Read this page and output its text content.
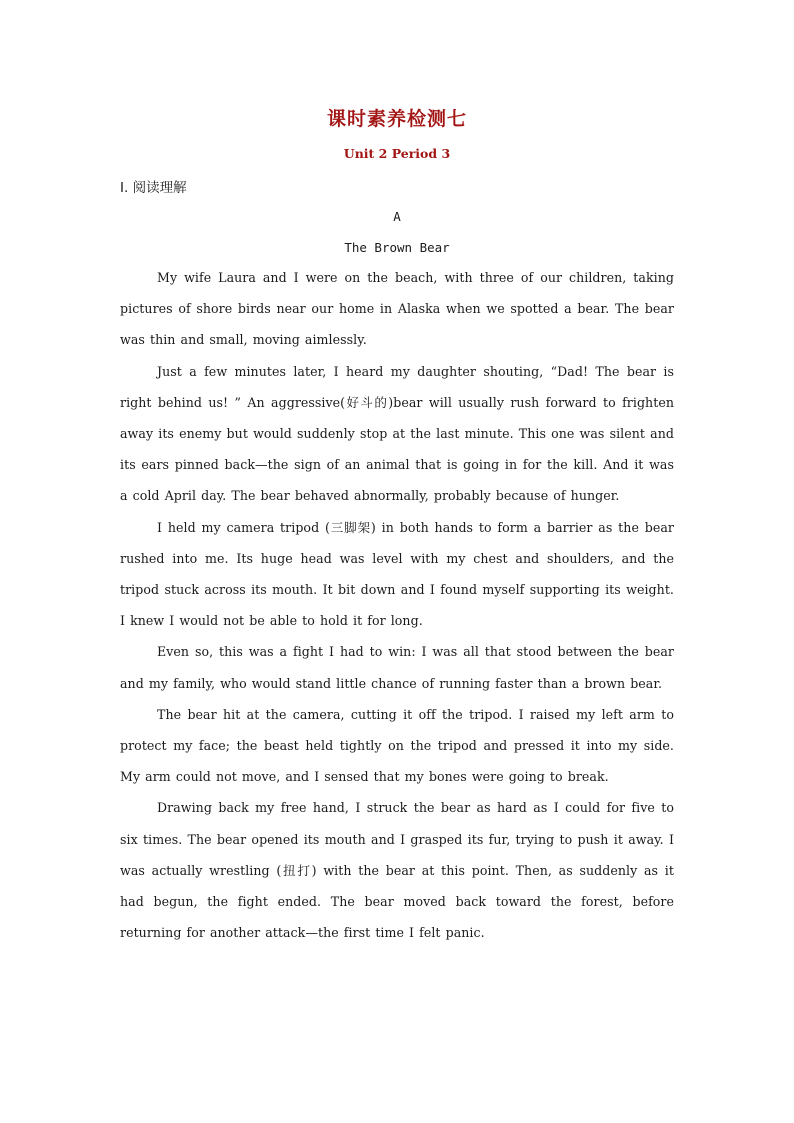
课时素养检测七
Unit 2 Period 3
Ⅰ. 阅读理解
A
The Brown Bear

My wife Laura and I were on the beach, with three of our children, taking pictures of shore birds near our home in Alaska when we spotted a bear. The bear was thin and small, moving aimlessly.

Just a few minutes later, I heard my daughter shouting, “Dad! The bear is right behind us! ” An aggressive(好斗的)bear will usually rush forward to frighten away its enemy but would suddenly stop at the last minute. This one was silent and its ears pinned back—the sign of an animal that is going in for the kill. And it was a cold April day. The bear behaved abnormally, probably because of hunger.

I held my camera tripod (三脚架) in both hands to form a barrier as the bear rushed into me. Its huge head was level with my chest and shoulders, and the tripod stuck across its mouth. It bit down and I found myself supporting its weight. I knew I would not be able to hold it for long.

Even so, this was a fight I had to win: I was all that stood between the bear and my family, who would stand little chance of running faster than a brown bear.

The bear hit at the camera, cutting it off the tripod. I raised my left arm to protect my face; the beast held tightly on the tripod and pressed it into my side. My arm could not move, and I sensed that my bones were going to break.

Drawing back my free hand, I struck the bear as hard as I could for five to six times. The bear opened its mouth and I grasped its fur, trying to push it away. I was actually wrestling (扭打) with the bear at this point. Then, as suddenly as it had begun, the fight ended. The bear moved back toward the forest, before returning for another attack—the first time I felt panic.
